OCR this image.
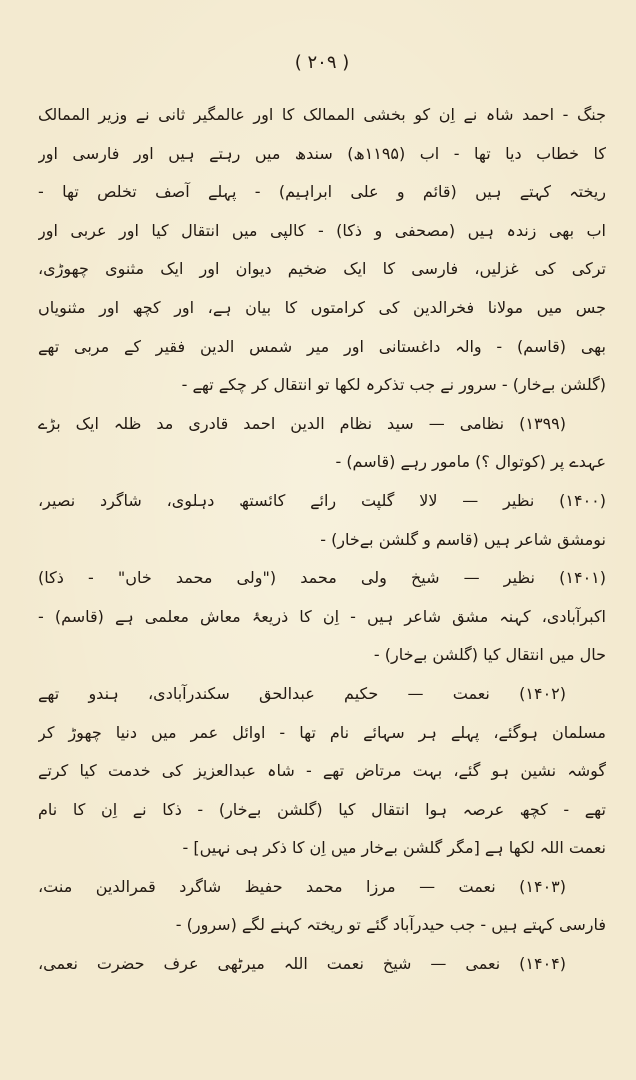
( ۲۰۹ )
جنگ - احمد شاہ نے اِن کو بخشی الممالک کا اور عالمگیر ثانی نے وزیر الممالک
کا خطاب دیا تھا - اب (۱۱۹۵ھ) سندھ میں رہتے ہیں اور فارسی اور
ریختہ کہتے ہیں (قائم و علی ابراہیم) - پہلے آصف تخلص تھا -
اب بھی زندہ ہیں (مصحفی و ذکا) - کالپی میں انتقال کیا اور عربی اور
ترکی کی غزلیں، فارسی کا ایک ضخیم دیوان اور ایک مثنوی چھوڑی،
جس میں مولانا فخرالدین کی کرامتوں کا بیان ہے، اور کچھ اور مثنویاں
بھی (قاسم) - والہ داغستانی اور میر شمس الدین فقیر کے مربی تھے
(گلشن بےخار) - سرور نے جب تذکرہ لکھا تو انتقال کر چکے تھے -
(۱۳۹۹) نظامی — سید نظام الدین احمد قادری مد ظلہ ایک بڑے
عہدے پر (کوتوال ؟) مامور رہے (قاسم) -
(۱۴۰۰) نظیر — لالا گلپت رائے کائستھ دہلوی، شاگرد نصیر،
نومشق شاعر ہیں (قاسم و گلشن بےخار) -
(۱۴۰۱) نظیر — شیخ ولی محمد ("ولی محمد خاں" - ذکا)
اکبرآبادی، کہنہ مشق شاعر ہیں - اِن کا ذریعۂ معاش معلمی ہے (قاسم) -
حال میں انتقال کیا (گلشن بےخار) -
(۱۴۰۲) نعمت — حکیم عبدالحق سکندرآبادی، ہندو تھے
مسلمان ہوگئے، پہلے ہر سہائے نام تھا - اوائل عمر میں دنیا چھوڑ کر
گوشہ نشین ہو گئے، بہت مرتاض تھے - شاہ عبدالعزیز کی خدمت کیا کرتے
تھے - کچھ عرصہ ہوا انتقال کیا (گلشن بےخار) - ذکا نے اِن کا نام
نعمت اللہ لکھا ہے [مگر گلشن بےخار میں اِن کا ذکر ہی نہیں] -
(۱۴۰۳) نعمت — مرزا محمد حفیظ شاگرد قمرالدین منت،
فارسی کہتے ہیں - جب حیدرآباد گئے تو ریختہ کہنے لگے (سرور) -
(۱۴۰۴) نعمی — شیخ نعمت اللہ میرٹھی عرف حضرت نعمی،
